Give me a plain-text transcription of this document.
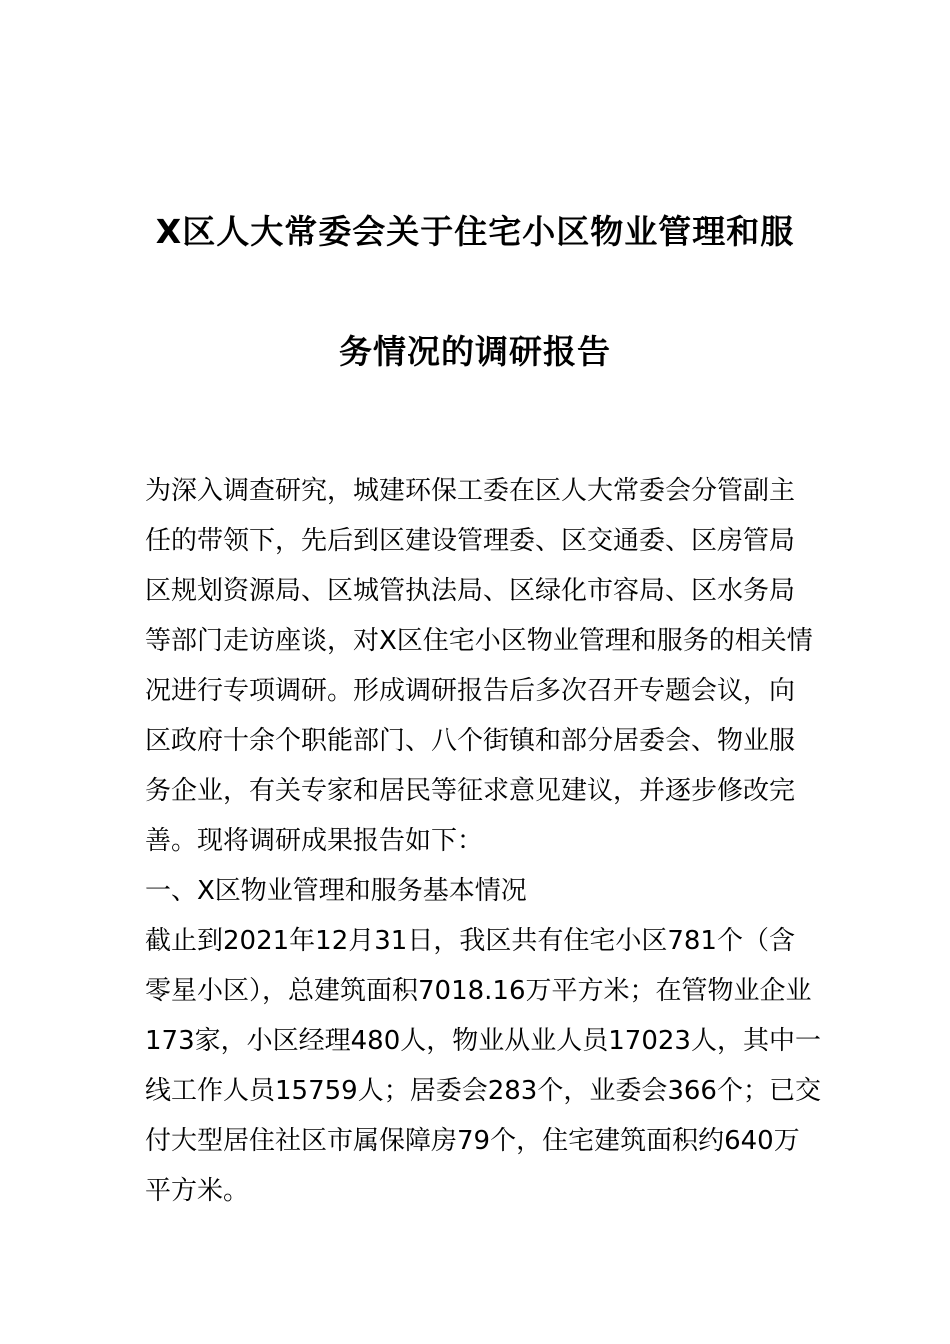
X区人大常委会关于住宅小区物业管理和服
务情况的调研报告
为深入调查研究，城建环保工委在区人大常委会分管副主
任的带领下，先后到区建设管理委、区交通委、区房管局
区规划资源局、区城管执法局、区绿化市容局、区水务局
等部门走访座谈，对X区住宅小区物业管理和服务的相关情
况进行专项调研。形成调研报告后多次召开专题会议，向
区政府十余个职能部门、八个街镇和部分居委会、物业服
务企业，有关专家和居民等征求意见建议，并逐步修改完
善。现将调研成果报告如下：
一、X区物业管理和服务基本情况
截止到2021年12月31日，我区共有住宅小区781个（含
零星小区），总建筑面积7018.16万平方米；在管物业企业
173家，小区经理480人，物业从业人员17023人，其中一
线工作人员15759人；居委会283个，业委会366个；已交
付大型居住社区市属保障房79个，住宅建筑面积约640万
平方米。
